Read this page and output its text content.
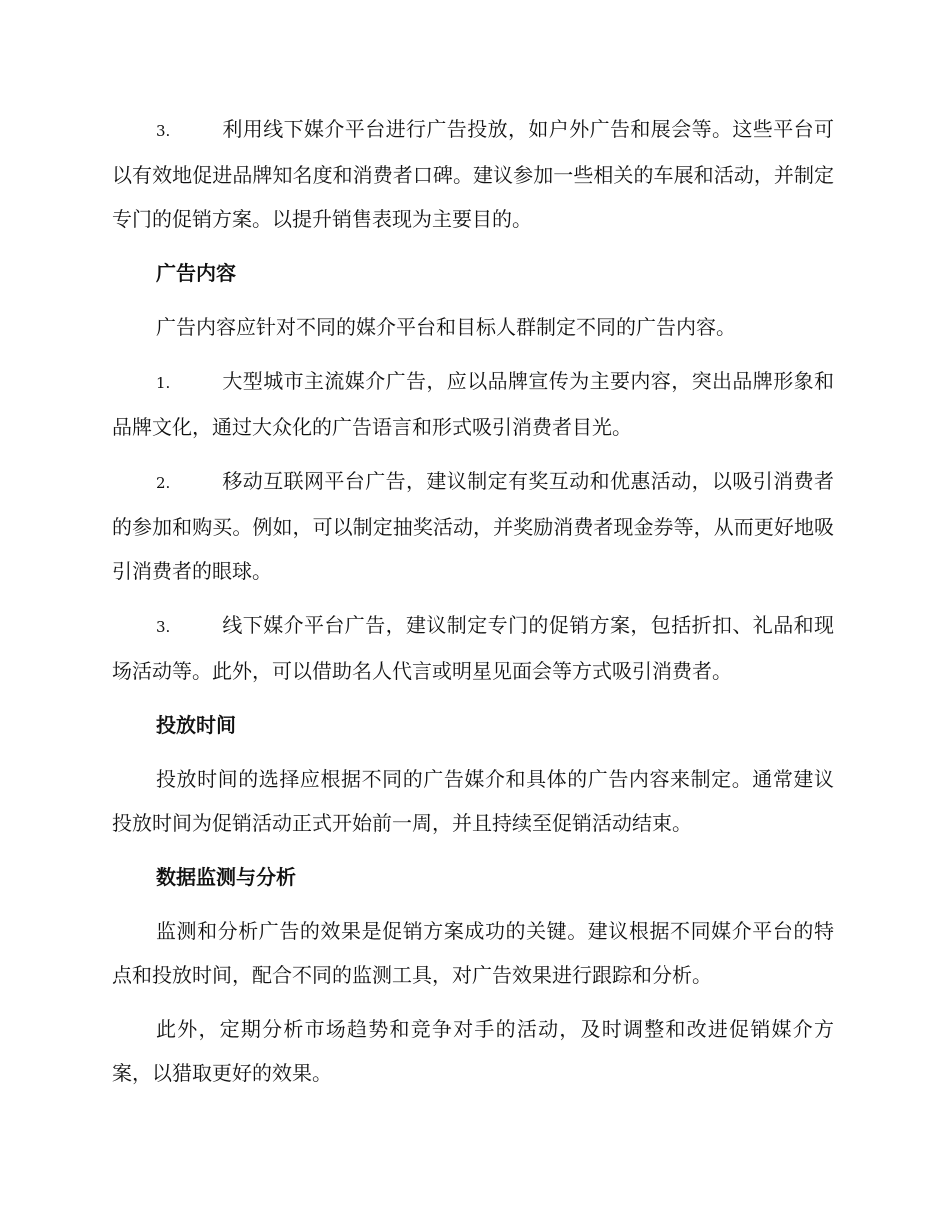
3.	利用线下媒介平台进行广告投放，如户外广告和展会等。这些平台可以有效地促进品牌知名度和消费者口碑。建议参加一些相关的车展和活动，并制定专门的促销方案。以提升销售表现为主要目的。

广告内容

广告内容应针对不同的媒介平台和目标人群制定不同的广告内容。

1.	大型城市主流媒介广告，应以品牌宣传为主要内容，突出品牌形象和品牌文化，通过大众化的广告语言和形式吸引消费者目光。

2.	移动互联网平台广告，建议制定有奖互动和优惠活动，以吸引消费者的参加和购买。例如，可以制定抽奖活动，并奖励消费者现金券等，从而更好地吸引消费者的眼球。

3.	线下媒介平台广告，建议制定专门的促销方案，包括折扣、礼品和现场活动等。此外，可以借助名人代言或明星见面会等方式吸引消费者。

投放时间

投放时间的选择应根据不同的广告媒介和具体的广告内容来制定。通常建议投放时间为促销活动正式开始前一周，并且持续至促销活动结束。

数据监测与分析

监测和分析广告的效果是促销方案成功的关键。建议根据不同媒介平台的特点和投放时间，配合不同的监测工具，对广告效果进行跟踪和分析。

此外，定期分析市场趋势和竞争对手的活动，及时调整和改进促销媒介方案，以猎取更好的效果。
